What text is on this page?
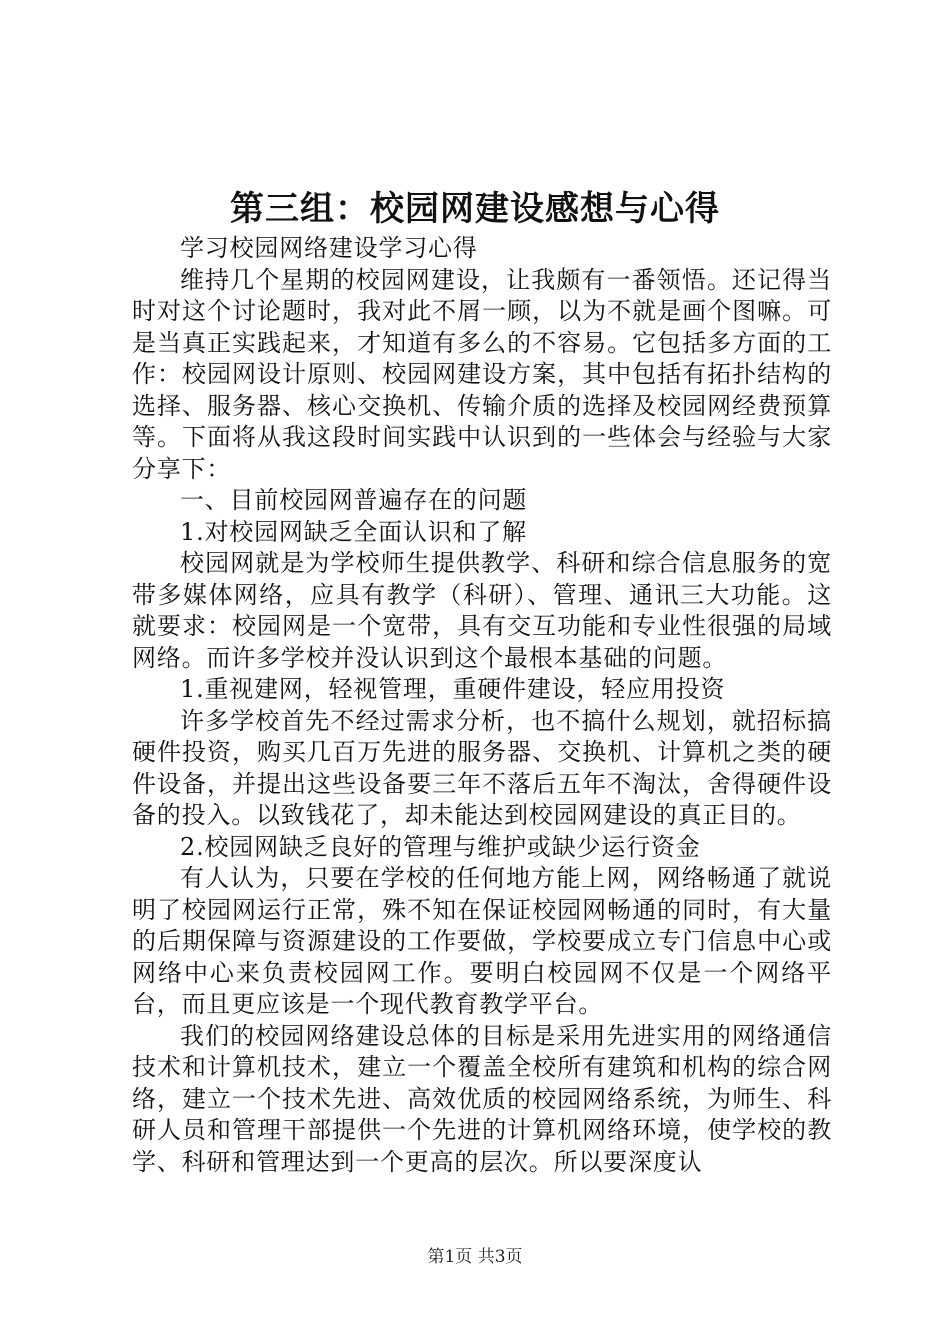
第三组：校园网建设感想与心得

学习校园网络建设学习心得

维持几个星期的校园网建设，让我颇有一番领悟。还记得当时对这个讨论题时，我对此不屑一顾，以为不就是画个图嘛。可是当真正实践起来，才知道有多么的不容易。它包括多方面的工作：校园网设计原则、校园网建设方案，其中包括有拓扑结构的选择、服务器、核心交换机、传输介质的选择及校园网经费预算等。下面将从我这段时间实践中认识到的一些体会与经验与大家分享下：

一、目前校园网普遍存在的问题

1.对校园网缺乏全面认识和了解

校园网就是为学校师生提供教学、科研和综合信息服务的宽带多媒体网络，应具有教学（科研）、管理、通讯三大功能。这就要求：校园网是一个宽带，具有交互功能和专业性很强的局域网络。而许多学校并没认识到这个最根本基础的问题。

1.重视建网，轻视管理，重硬件建设，轻应用投资

许多学校首先不经过需求分析，也不搞什么规划，就招标搞硬件投资，购买几百万先进的服务器、交换机、计算机之类的硬件设备，并提出这些设备要三年不落后五年不淘汰，舍得硬件设备的投入。以致钱花了，却未能达到校园网建设的真正目的。

2.校园网缺乏良好的管理与维护或缺少运行资金

有人认为，只要在学校的任何地方能上网，网络畅通了就说明了校园网运行正常，殊不知在保证校园网畅通的同时，有大量的后期保障与资源建设的工作要做，学校要成立专门信息中心或网络中心来负责校园网工作。要明白校园网不仅是一个网络平台，而且更应该是一个现代教育教学平台。

我们的校园网络建设总体的目标是采用先进实用的网络通信技术和计算机技术，建立一个覆盖全校所有建筑和机构的综合网络，建立一个技术先进、高效优质的校园网络系统，为师生、科研人员和管理干部提供一个先进的计算机网络环境，使学校的教学、科研和管理达到一个更高的层次。所以要深度认

第1页 共3页
